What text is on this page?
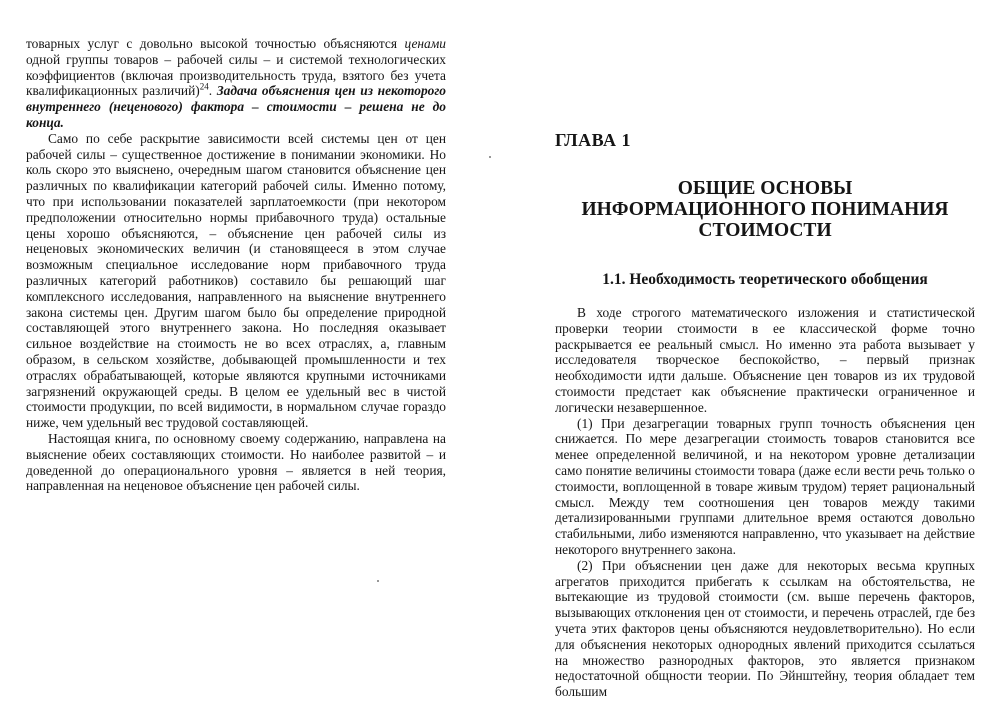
товарных услуг с довольно высокой точностью объясняются ценами одной группы товаров – рабочей силы – и системой технологических коэффициентов (включая производительность труда, взятого без учета квалификационных различий)$^{24}$. Задача объяснения цен из некоторого внутреннего (неценового) фактора – стоимости – решена не до конца.

Само по себе раскрытие зависимости всей системы цен от цен рабочей силы – существенное достижение в понимании экономики. Но коль скоро это выяснено, очередным шагом становится объяснение цен различных по квалификации категорий рабочей силы. Именно потому, что при использовании показателей зарплатоемкости (при некотором предположении относительно нормы прибавочного труда) остальные цены хорошо объясняются, – объяснение цен рабочей силы из неценовых экономических величин (и становящееся в этом случае возможным специальное исследование норм прибавочного труда различных категорий работников) составило бы решающий шаг комплексного исследования, направленного на выяснение внутреннего закона системы цен. Другим шагом было бы определение природной составляющей этого внутреннего закона. Но последняя оказывает сильное воздействие на стоимость не во всех отраслях, а, главным образом, в сельском хозяйстве, добывающей промышленности и тех отраслях обрабатывающей, которые являются крупными источниками загрязнений окружающей среды. В целом ее удельный вес в чистой стоимости продукции, по всей видимости, в нормальном случае гораздо ниже, чем удельный вес трудовой составляющей.

Настоящая книга, по основному своему содержанию, направлена на выяснение обеих составляющих стоимости. Но наиболее развитой – и доведенной до операционального уровня – является в ней теория, направленная на неценовое объяснение цен рабочей силы.

ГЛАВА 1
ОБЩИЕ ОСНОВЫ
ИНФОРМАЦИОННОГО ПОНИМАНИЯ
СТОИМОСТИ
1.1. Необходимость теоретического обобщения

В ходе строгого математического изложения и статистической проверки теории стоимости в ее классической форме точно раскрывается ее реальный смысл. Но именно эта работа вызывает у исследователя творческое беспокойство, – первый признак необходимости идти дальше. Объяснение цен товаров из их трудовой стоимости предстает как объяснение практически ограниченное и логически незавершенное.

(1) При дезагрегации товарных групп точность объяснения цен снижается. По мере дезагрегации стоимость товаров становится все менее определенной величиной, и на некотором уровне детализации само понятие величины стоимости товара (даже если вести речь только о стоимости, воплощенной в товаре живым трудом) теряет рациональный смысл. Между тем соотношения цен товаров между такими детализированными группами длительное время остаются довольно стабильными, либо изменяются направленно, что указывает на действие некоторого внутреннего закона.

(2) При объяснении цен даже для некоторых весьма крупных агрегатов приходится прибегать к ссылкам на обстоятельства, не вытекающие из трудовой стоимости (см. выше перечень факторов, вызывающих отклонения цен от стоимости, и перечень отраслей, где без учета этих факторов цены объясняются неудовлетворительно). Но если для объяснения некоторых однородных явлений приходится ссылаться на множество разнородных факторов, это является признаком недостаточной общности теории. По Эйнштейну, теория обладает тем большим
